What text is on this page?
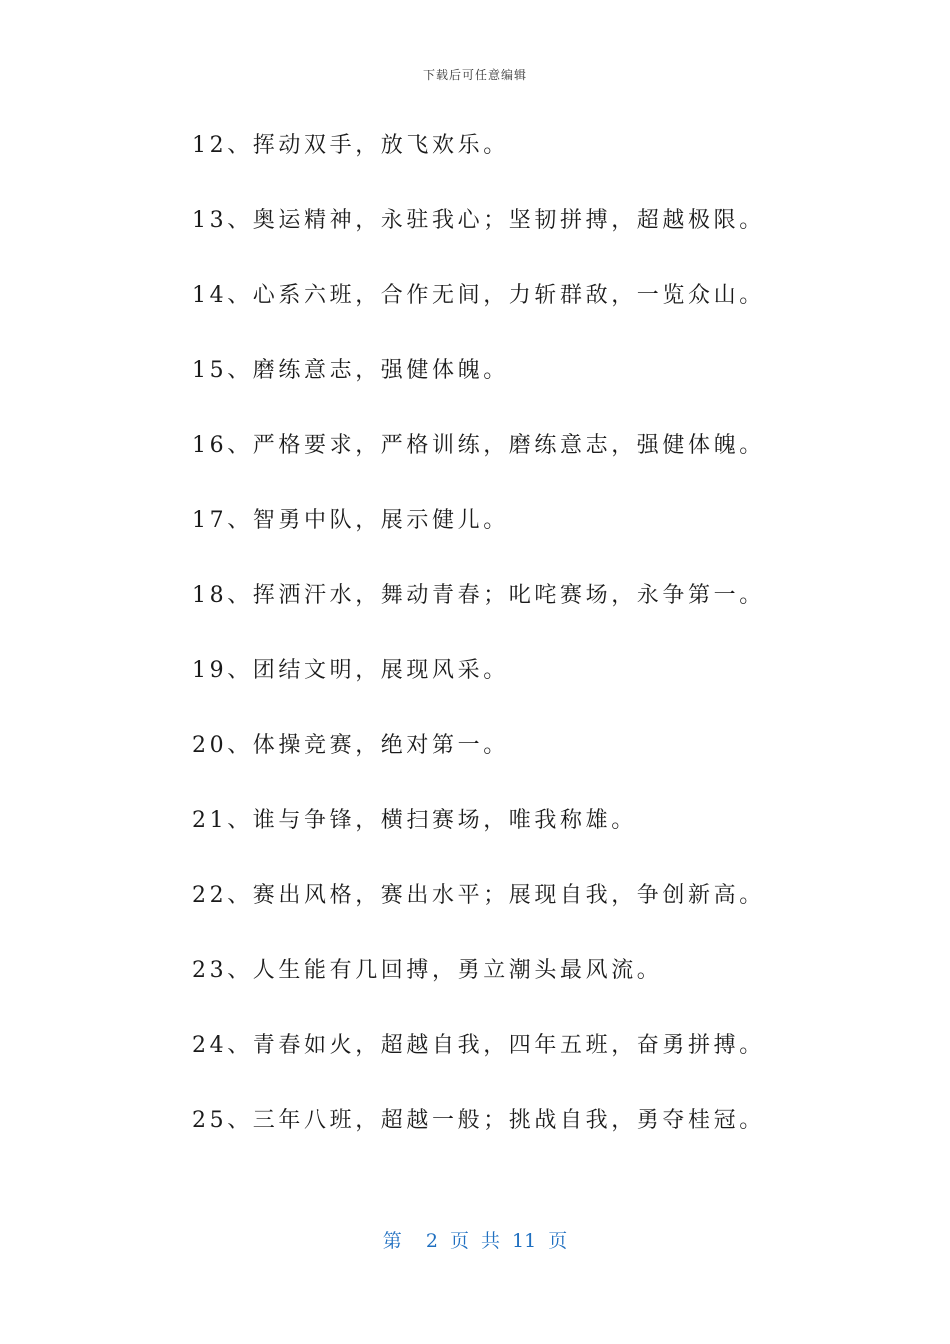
下载后可任意编辑
12、挥动双手，放飞欢乐。
13、奥运精神，永驻我心；坚韧拼搏，超越极限。
14、心系六班，合作无间，力斩群敌，一览众山。
15、磨练意志，强健体魄。
16、严格要求，严格训练，磨练意志，强健体魄。
17、智勇中队，展示健儿。
18、挥洒汗水，舞动青春；叱咤赛场，永争第一。
19、团结文明，展现风采。
20、体操竞赛，绝对第一。
21、谁与争锋，横扫赛场，唯我称雄。
22、赛出风格，赛出水平；展现自我，争创新高。
23、人生能有几回搏，勇立潮头最风流。
24、青春如火，超越自我，四年五班，奋勇拼搏。
25、三年八班，超越一般；挑战自我，勇夺桂冠。
第  2 页 共 11 页
